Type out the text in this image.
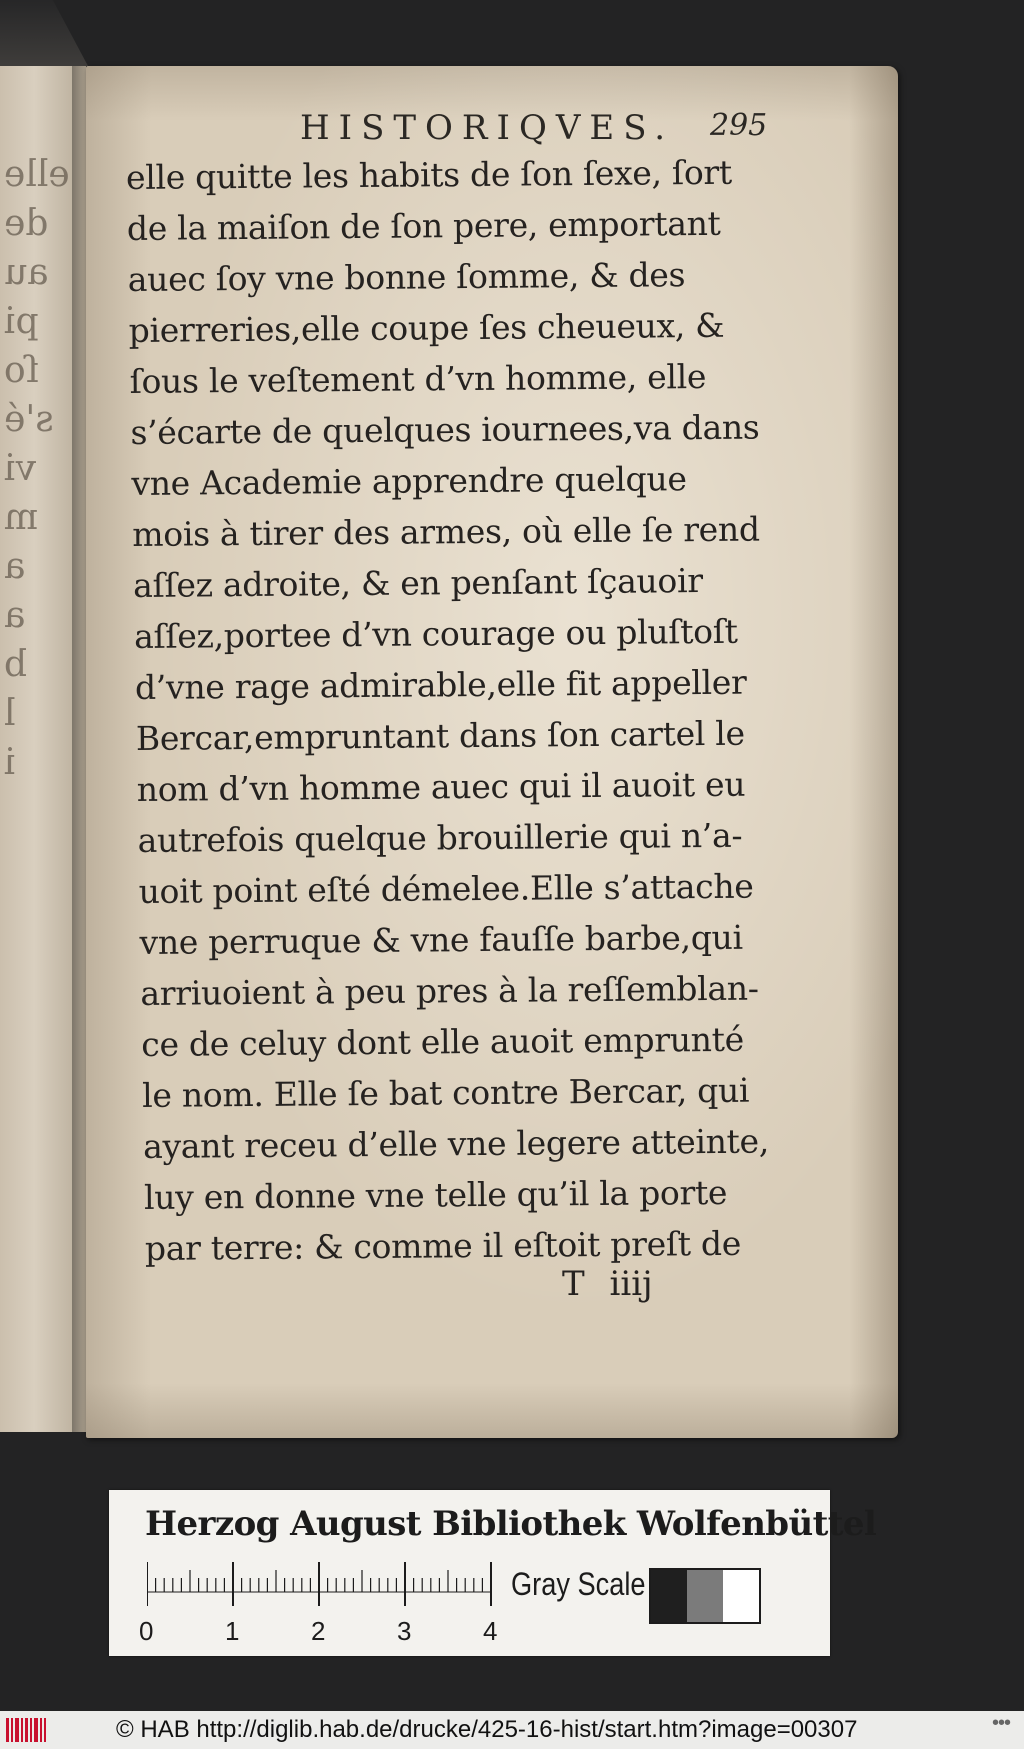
elle
de
au
pi
ſo
s'é
vi
m
a
a
b
l
i
HISTORIQVES. 295
elle quitte les habits de ſon ſexe, ſort
de la maiſon de ſon pere, emportant
auec ſoy vne bonne ſomme, & des
pierreries,elle coupe ſes cheueux, &
ſous le veſtement d’vn homme, elle
s’écarte de quelques iournees,va dans
vne Academie apprendre quelque
mois à tirer des armes, où elle ſe rend
aſſez adroite, & en penſant ſçauoir
aſſez,portee d’vn courage ou pluſtoſt
d’vne rage admirable,elle fit appeller
Bercar,empruntant dans ſon cartel le
nom d’vn homme auec qui il auoit eu
autrefois quelque brouillerie qui n’a-
uoit point eſté démelee.Elle s’attache
vne perruque & vne fauſſe barbe,qui
arriuoient à peu pres à la reſſemblan-
ce de celuy dont elle auoit emprunté
le nom. Elle ſe bat contre Bercar, qui
ayant receu d’elle vne legere atteinte,
luy en donne vne telle qu’il la porte
par terre: & comme il eſtoit preſt de
T iiij
Herzog August Bibliothek Wolfenbüttel
0	1	2	3	4
Gray Scale
© HAB http://diglib.hab.de/drucke/425-16-hist/start.htm?image=00307	•••
